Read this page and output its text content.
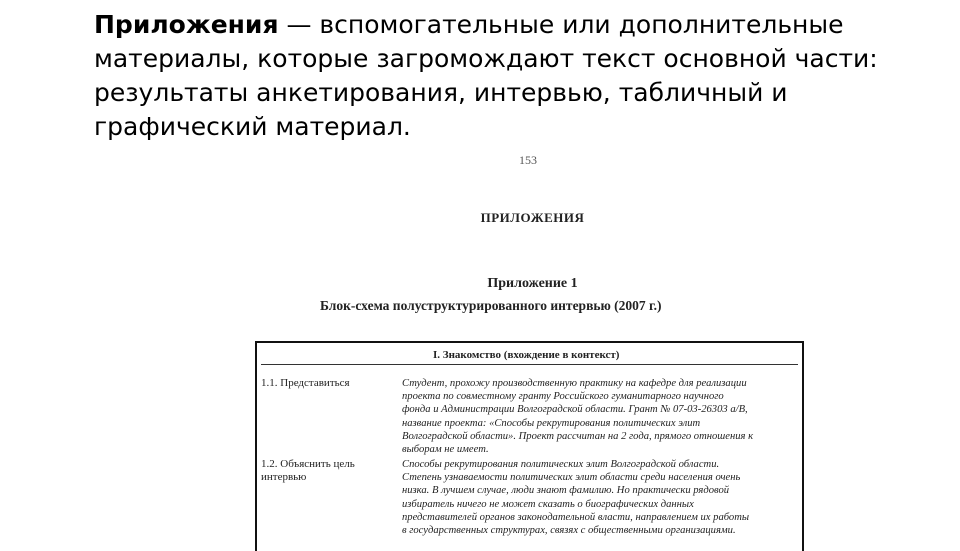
Приложения — вспомогательные или дополнительные материалы, которые загромождают текст основной части: результаты анкетирования, интервью, табличный и графический материал.
153
ПРИЛОЖЕНИЯ
Приложение 1
Блок-схема полуструктурированного интервью (2007 г.)
I. Знакомство (вхождение в контекст)
1.1. Представиться	Студент, прохожу производственную практику на кафедре для реализации
проекта по совместному гранту Российского гуманитарного научного
фонда и Администрации Волгоградской области. Грант № 07-03-26303 а/В,
название проекта: «Способы рекрутирования политических элит
Волгоградской области». Проект рассчитан на 2 года, прямого отношения к
выборам не имеет.
1.2. Объяснить цель
интервью
Способы рекрутирования политических элит Волгоградской области.
Степень узнаваемости политических элит области среди населения очень
низка. В лучшем случае, люди знают фамилию. Но практически рядовой
избиратель ничего не может сказать о биографических данных
представителей органов законодательной власти, направлением их работы
в государственных структурах, связях с общественными организациями.
